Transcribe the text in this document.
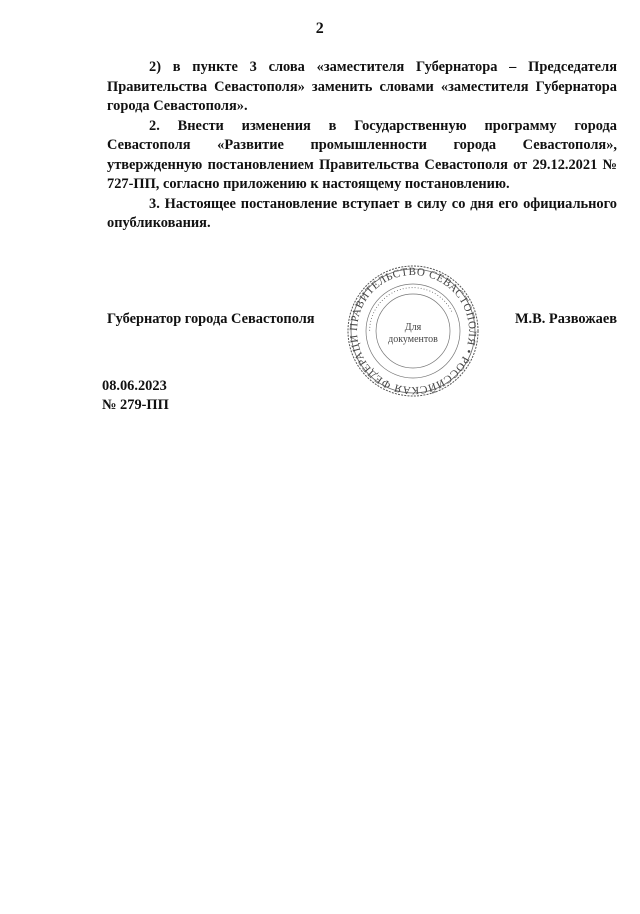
2

2) в пункте 3 слова «заместителя Губернатора – Председателя Правительства Севастополя» заменить словами «заместителя Губернатора города Севастополя».

2. Внести изменения в Государственную программу города Севастополя «Развитие промышленности города Севастополя», утвержденную постановлением Правительства Севастополя от 29.12.2021 № 727-ПП, согласно приложению к настоящему постановлению.

3. Настоящее постановление вступает в силу со дня его официального опубликования.

Губернатор города Севастополя	М.В. Развожаев
ПРАВИТЕЛЬСТВО СЕВАСТОПОЛЯ • РОССИЙСКАЯ ФЕДЕРАЦИ
• • • • • • • • • • • • • • • • • • • • • • • • • • • • • • • • • • • • • • •
Для
документов
08.06.2023
№ 279-ПП
